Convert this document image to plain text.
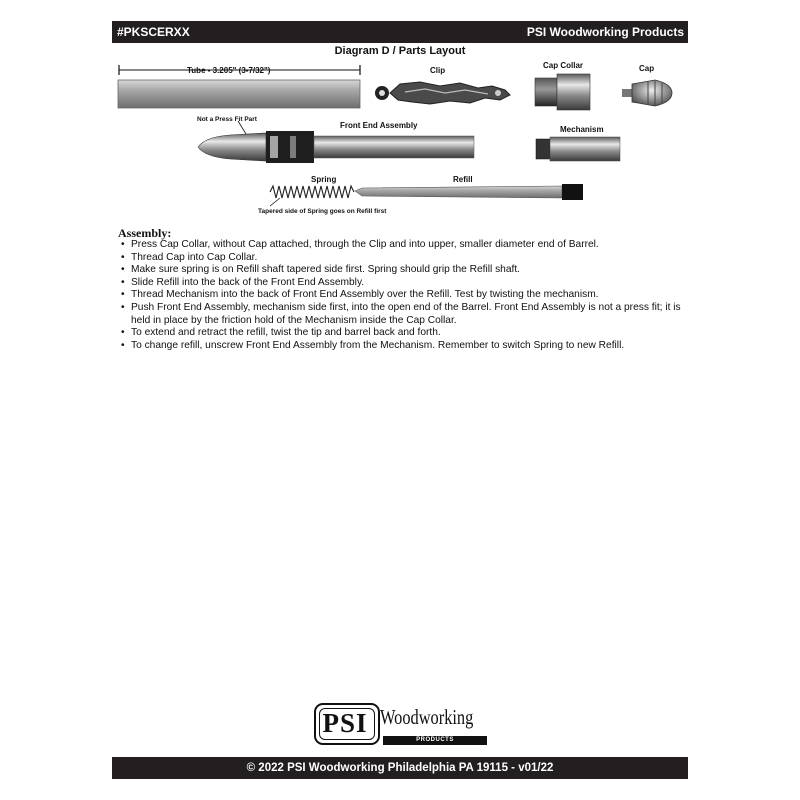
#PKSCERXX	PSI Woodworking Products
Diagram D / Parts Layout
Tube - 3.205" (3-7/32")	Clip
Cap Collar	Cap
Not a Press Fit Part
Front End Assembly	Mechanism
Spring	Refill
Tapered side of Spring goes on Refill first
Assembly:
• Press Cap Collar, without Cap attached, through the Clip and into upper, smaller diameter end of Barrel.
• Thread Cap into Cap Collar.
• Make sure spring is on Refill shaft tapered side first. Spring should grip the Refill shaft.
• Slide Refill into the back of the Front End Assembly.
• Thread Mechanism into the back of Front End Assembly over the Refill. Test by twisting the mechanism.
• Push Front End Assembly, mechanism side first, into the open end of the Barrel. Front End Assembly is not a press fit; it is held in place by the friction hold of the Mechanism inside the Cap Collar.
• To extend and retract the refill, twist the tip and barrel back and forth.
• To change refill, unscrew Front End Assembly from the Mechanism. Remember to switch Spring to new Refill.
PSI Woodworking
PRODUCTS
© 2022 PSI Woodworking Philadelphia PA 19115 - v01/22
